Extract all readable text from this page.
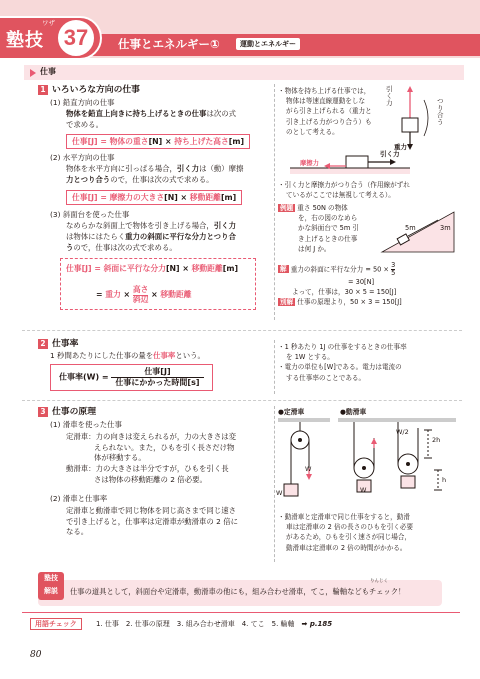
塾技
ワザ
37	仕事とエネルギー①	運動とエネルギー
仕事
1 いろいろな方向の仕事
(1) 鉛直方向の仕事
物体を鉛直上向きに持ち上げるときの仕事は次の式
で求める。
仕事[J] = 物体の重さ[N] × 持ち上げた高さ[m]
(2) 水平方向の仕事
物体を水平方向に引っぱる場合，引く力は（動）摩擦
力とつり合うので，仕事は次の式で求める。
仕事[J] = 摩擦力の大きさ[N] × 移動距離[m]
(3) 斜面台を使った仕事
なめらかな斜面上で物体を引き上げる場合，引く力
は物体にはたらく重力の斜面に平行な分力とつり合
うので，仕事は次の式で求める。
仕事[J] = 斜面に平行な分力[N] × 移動距離[m]
= 重力 ×
高さ
斜辺 × 移動距離
・物体を持ち上げる仕事では，
物体は等速直線運動をしな
がら引き上げられる（重力と
引き上げる力がつり合う）も
のとして考える。
引く力	つり合う
重力
引く力
摩擦力
・引く力と摩擦力がつり合う（作用線がずれ
ているがここでは無視して考える）。
例題 重さ 50N の物体
を，右の図のなめら
かな斜面台で 5m 引
き上げるときの仕事
は何 J か。
5m	3m
解 重力の斜面に平行な分力 = $50 \times \frac{3}{5}$
= 30[N]
よって，仕事は，30 × 5 = 150[J]
別解 仕事の原理より，50 × 3 = 150[J]
2 仕事率
1 秒間あたりにした仕事の量を仕事率という。
仕事率(W) =
仕事[J]
仕事にかかった時間[s]
・1 秒あたり 1J の仕事をするときの仕事率
を 1W とする。
・電力の単位も[W]である。電力は電流の
する仕事率のことである。
3 仕事の原理
(1) 滑車を使った仕事
定滑車：力の向きは変えられるが，力の大きさは変
えられない。また，ひもを引く長さだけ物
体が移動する。
動滑車：力の大きさは半分ですが，ひもを引く長
さは物体の移動距離の 2 倍必要。
(2) 滑車と仕事率
定滑車と動滑車で同じ物体を同じ高さまで同じ速さ
で引き上げると，仕事率は定滑車が動滑車の 2 倍に
なる。
●定滑車	●動滑車
W
W
W
W/2
2h
h
・動滑車と定滑車で同じ仕事をすると，動滑
車は定滑車の 2 倍の長さのひもを引く必要
があるため，ひもを引く速さが同じ場合，
動滑車は定滑車の 2 倍の時間がかかる。
塾技
解説
りんじく
仕事の道具として，斜面台や定滑車，動滑車の他にも，組み合わせ滑車，てこ，輪軸などもチェック！
用語チェック	1. 仕事　2. 仕事の原理　3. 組み合わせ滑車　4. てこ　5. 輪軸　 ➡ p.185
80
